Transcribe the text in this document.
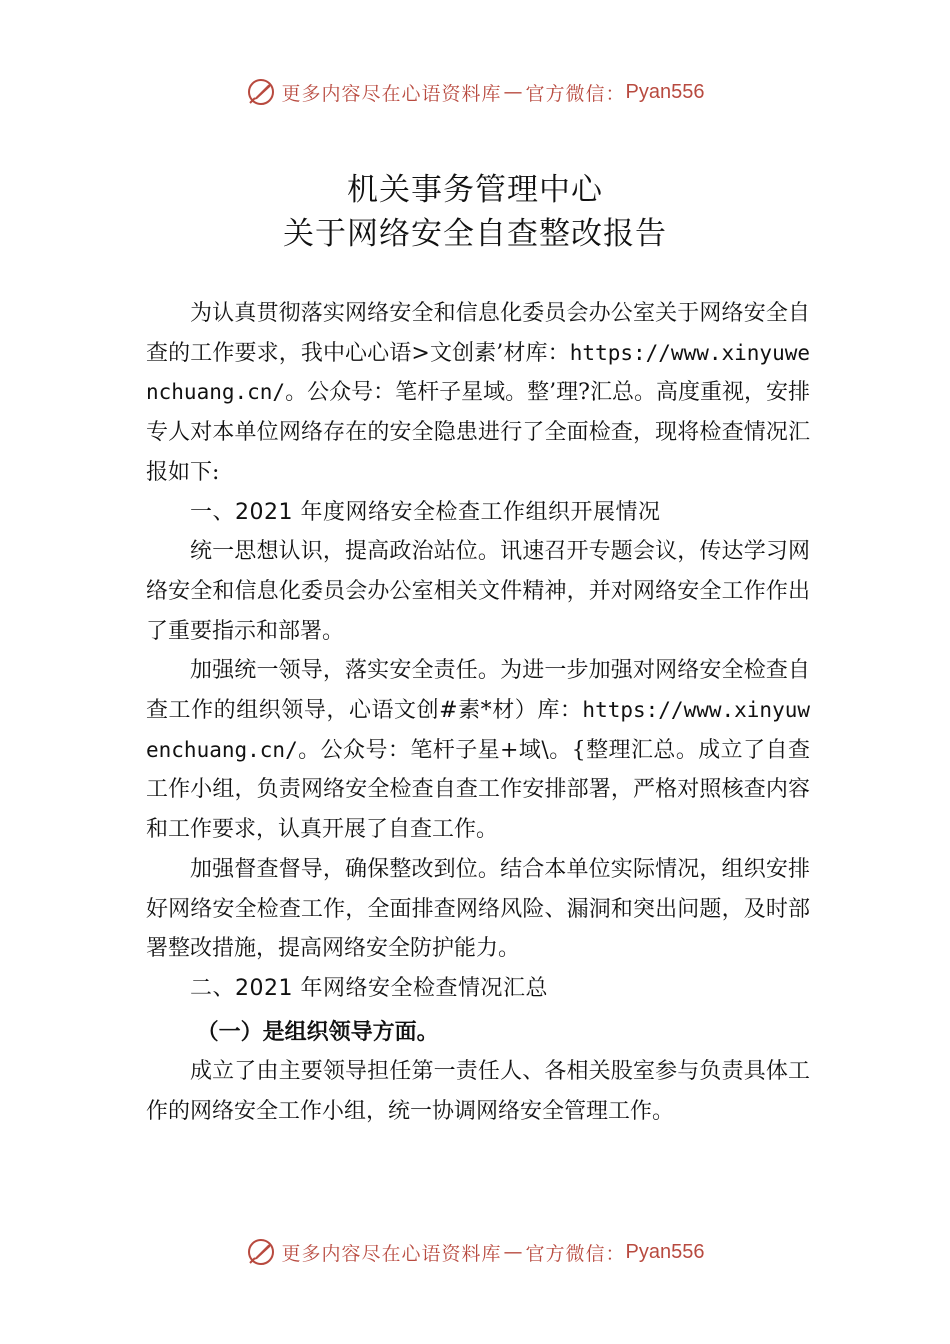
更多内容尽在心语资料库 — 官方微信： Pyan556
机关事务管理中心
关于网络安全自查整改报告

为认真贯彻落实网络安全和信息化委员会办公室关于网络安全自查的工作要求，我中心心语>文创素’材库：https://www.xinyuwenchuang.cn/。公众号：笔杆子星域。整’理?汇总。高度重视，安排专人对本单位网络存在的安全隐患进行了全面检查，现将检查情况汇报如下:

一、2021 年度网络安全检查工作组织开展情况

统一思想认识，提高政治站位。讯速召开专题会议，传达学习网络安全和信息化委员会办公室相关文件精神，并对网络安全工作作出了重要指示和部署。

加强统一领导，落实安全责任。为进一步加强对网络安全检查自查工作的组织领导，心语文创#素*材）库：https://www.xinyuwenchuang.cn/。公众号：笔杆子星+域\。{整理汇总。成立了自查工作小组，负责网络安全检查自查工作安排部署，严格对照核查内容和工作要求，认真开展了自查工作。

加强督查督导，确保整改到位。结合本单位实际情况，组织安排好网络安全检查工作，全面排查网络风险、漏洞和突出问题，及时部署整改措施，提高网络安全防护能力。

二、2021 年网络安全检查情况汇总
（一）是组织领导方面。

成立了由主要领导担任第一责任人、各相关股室参与负责具体工作的网络安全工作小组，统一协调网络安全管理工作。

更多内容尽在心语资料库 — 官方微信： Pyan556
